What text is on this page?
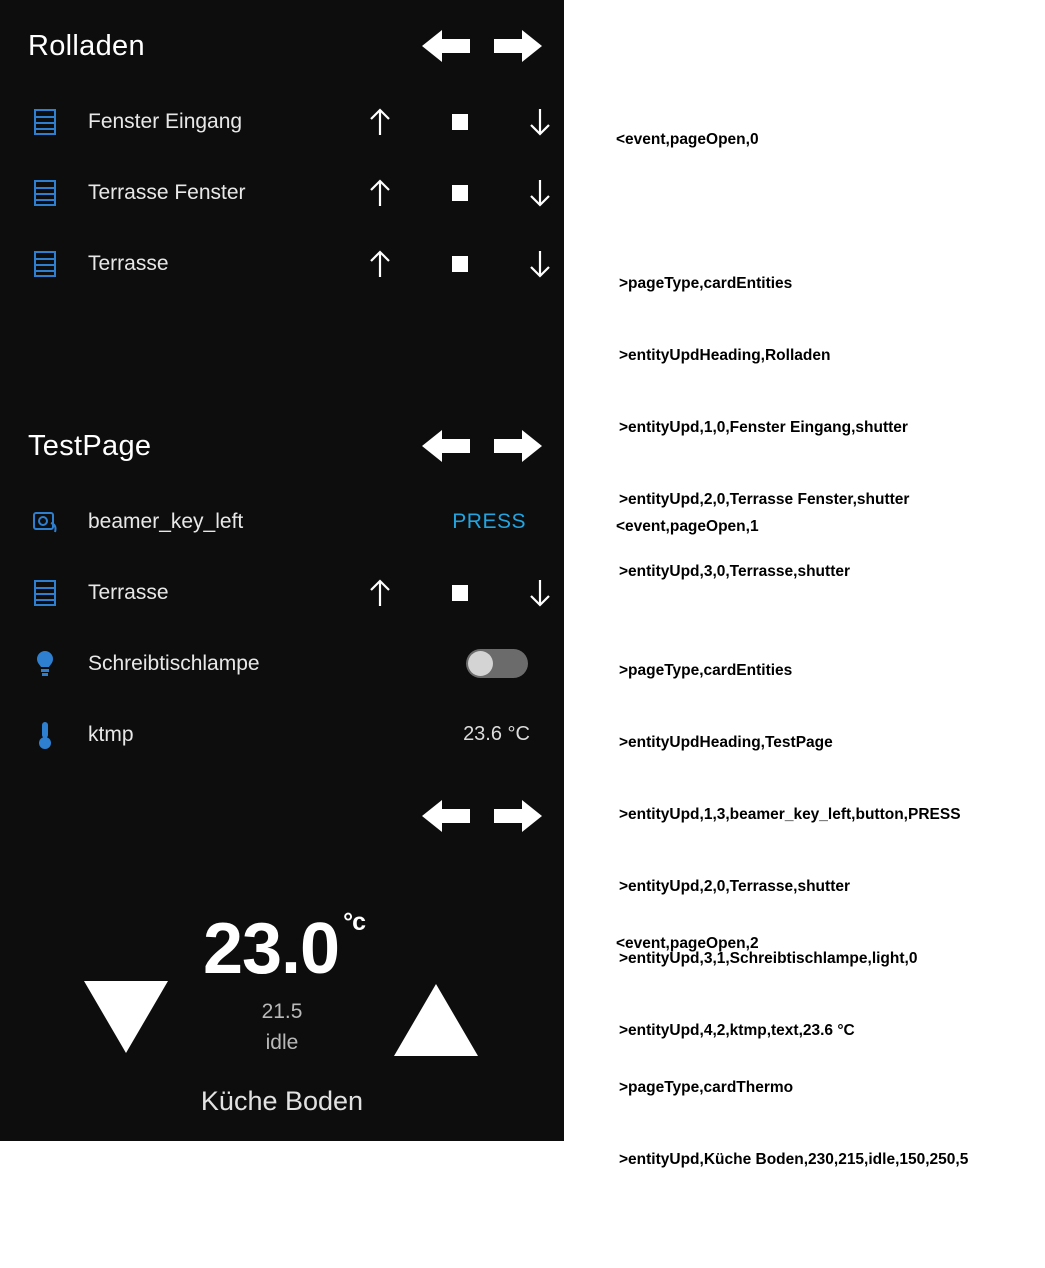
Rolladen
Fenster Eingang
Terrasse Fenster
Terrasse
TestPage
beamer_key_left	PRESS
Terrasse
Schreibtischlampe
ktmp	23.6 °C
23.0 $^{^\circ c}$
21.5
idle
Küche Boden

<event,pageOpen,0

>pageType,cardEntities

>entityUpdHeading,Rolladen

>entityUpd,1,0,Fenster Eingang,shutter

>entityUpd,2,0,Terrasse Fenster,shutter

>entityUpd,3,0,Terrasse,shutter

<event,pageOpen,1

>pageType,cardEntities

>entityUpdHeading,TestPage

>entityUpd,1,3,beamer_key_left,button,PRESS

>entityUpd,2,0,Terrasse,shutter

>entityUpd,3,1,Schreibtischlampe,light,0

>entityUpd,4,2,ktmp,text,23.6 °C

<event,pageOpen,2

>pageType,cardThermo

>entityUpd,Küche Boden,230,215,idle,150,250,5
